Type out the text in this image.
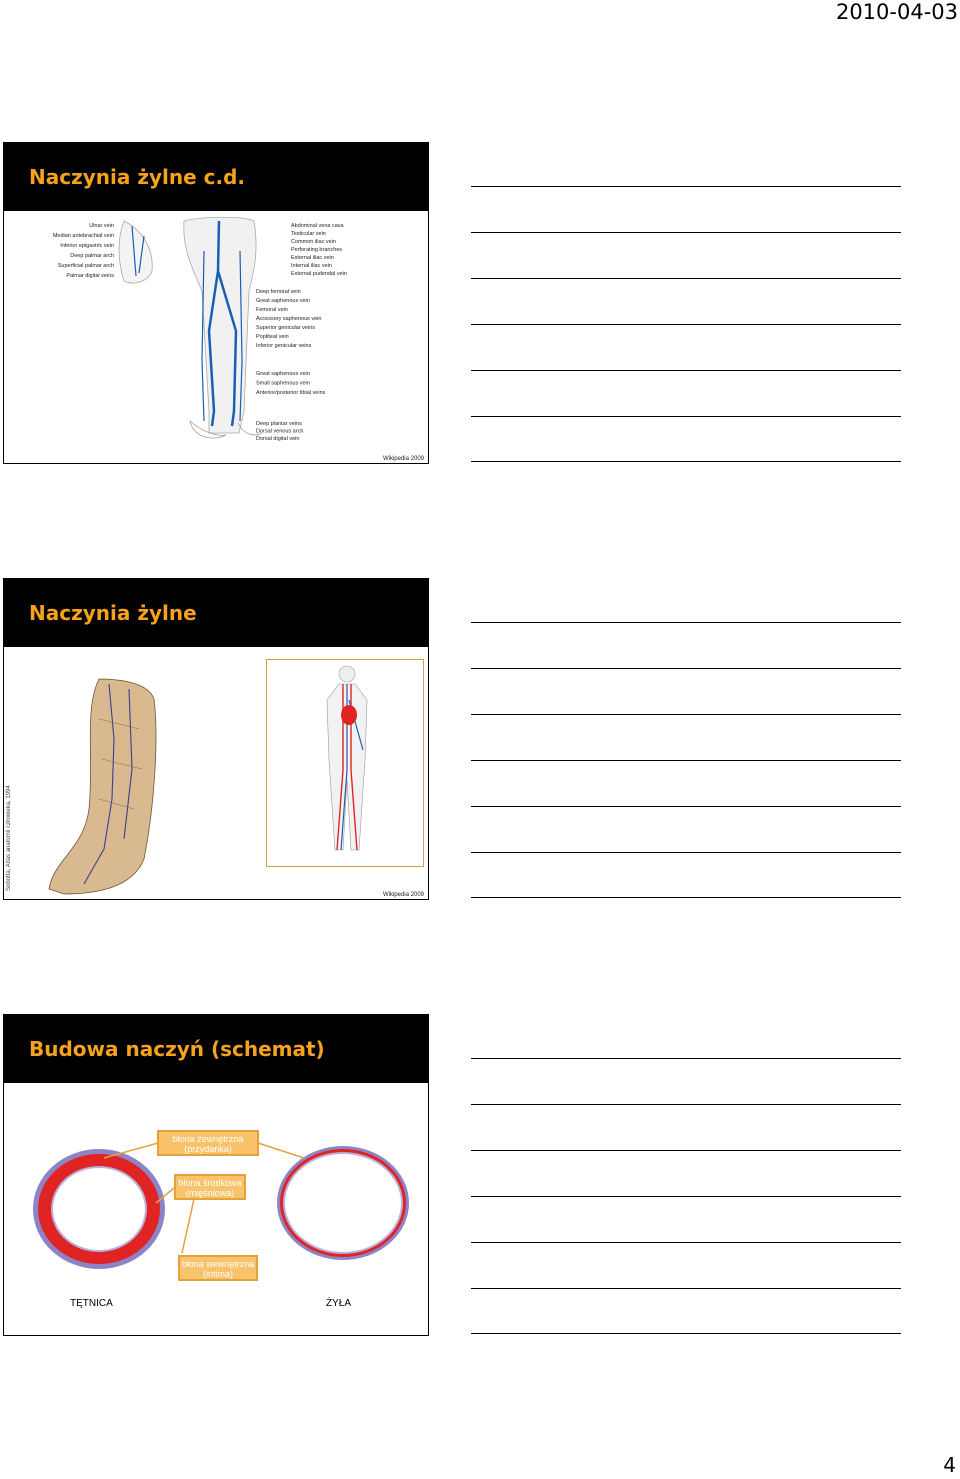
2010-04-03
Naczynia żylne c.d.
Ulnar vein
Median antebrachial vein
Inferior epigastric vein
Deep palmar arch
Superficial palmar arch
Palmar digital veins
Abdominal vena cava
Testicular vein
Common iliac vein
Perforating branches
External iliac vein
Internal iliac vein
External pudendal vein
Deep femoral vein
Great saphenous vein
Femoral vein
Accessory saphenous vein
Superior genicular veins
Popliteal vein
Inferior genicular veins
Great saphenous vein
Small saphenous vein
Anterior/posterior tibial veins
Deep plantar veins
Dorsal venous arch
Dorsal digital vein
Wikipedia 2009
Naczynia żylne
Sobotta, Atlas anatomii człowieka, 1994
Wikipedia 2009
Budowa naczyń (schemat)
błona zewnętrzna (przydanka)
błona środkowa (mięśniowa)
błona wewnętrzna (intima)
TĘTNICA	ŻYŁA
4
